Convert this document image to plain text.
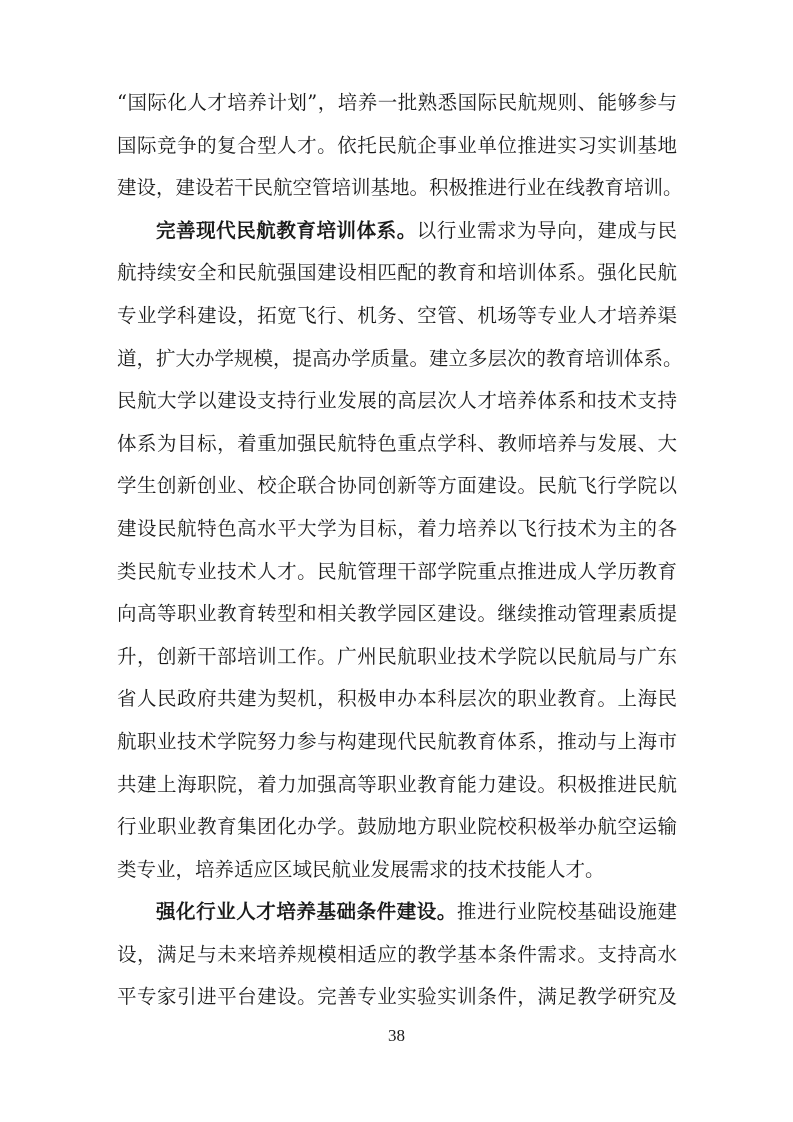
“国际化人才培养计划”，培养一批熟悉国际民航规则、能够参与
国际竞争的复合型人才。依托民航企事业单位推进实习实训基地
建设，建设若干民航空管培训基地。积极推进行业在线教育培训。
完善现代民航教育培训体系。以行业需求为导向，建成与民
航持续安全和民航强国建设相匹配的教育和培训体系。强化民航
专业学科建设，拓宽飞行、机务、空管、机场等专业人才培养渠
道，扩大办学规模，提高办学质量。建立多层次的教育培训体系。
民航大学以建设支持行业发展的高层次人才培养体系和技术支持
体系为目标，着重加强民航特色重点学科、教师培养与发展、大
学生创新创业、校企联合协同创新等方面建设。民航飞行学院以
建设民航特色高水平大学为目标，着力培养以飞行技术为主的各
类民航专业技术人才。民航管理干部学院重点推进成人学历教育
向高等职业教育转型和相关教学园区建设。继续推动管理素质提
升，创新干部培训工作。广州民航职业技术学院以民航局与广东
省人民政府共建为契机，积极申办本科层次的职业教育。上海民
航职业技术学院努力参与构建现代民航教育体系，推动与上海市
共建上海职院，着力加强高等职业教育能力建设。积极推进民航
行业职业教育集团化办学。鼓励地方职业院校积极举办航空运输
类专业，培养适应区域民航业发展需求的技术技能人才。
强化行业人才培养基础条件建设。推进行业院校基础设施建
设，满足与未来培养规模相适应的教学基本条件需求。支持高水
平专家引进平台建设。完善专业实验实训条件，满足教学研究及
38
